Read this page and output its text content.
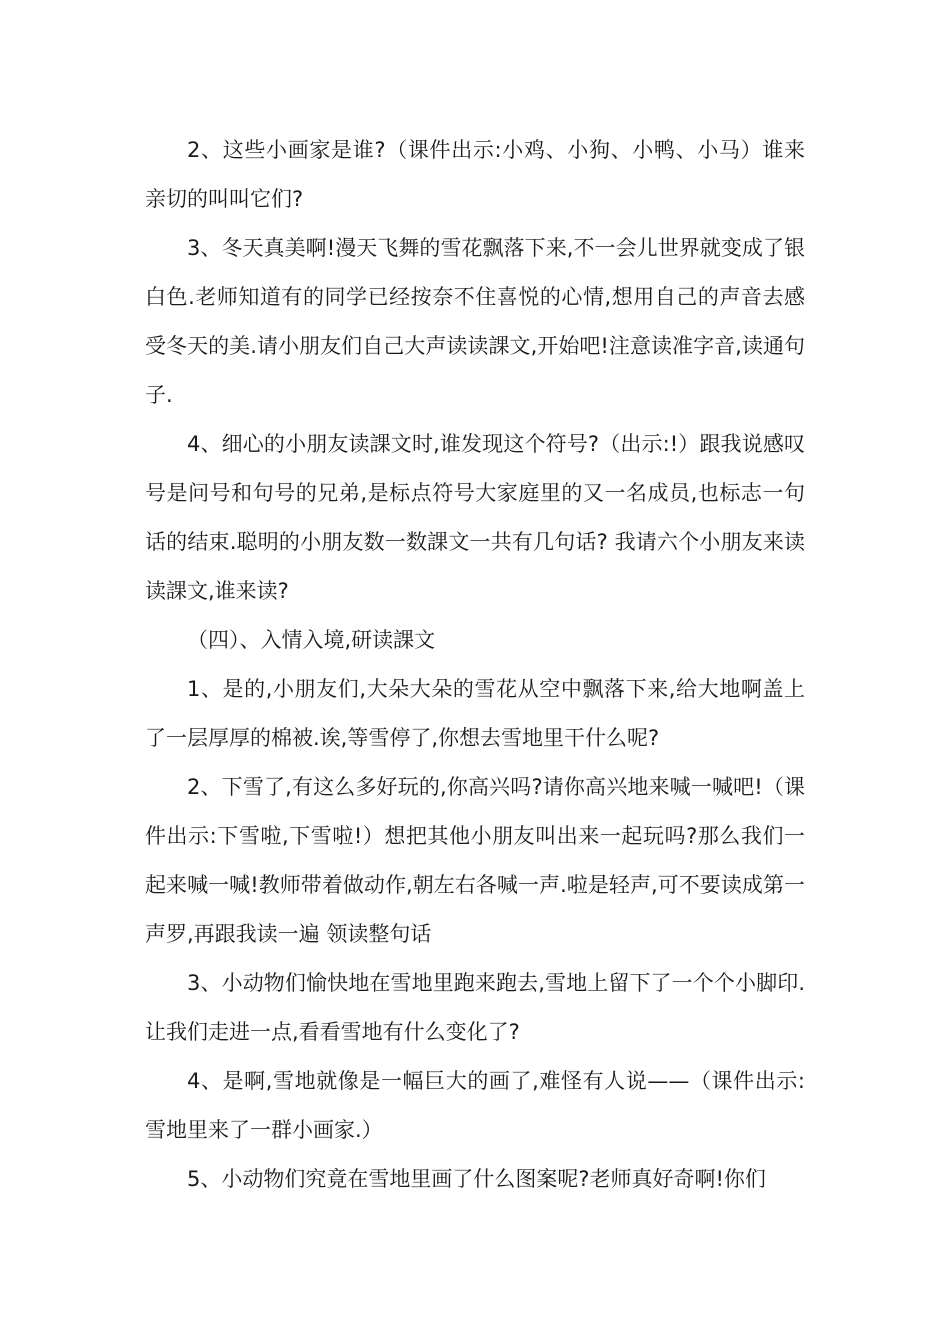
2、这些小画家是谁?（课件出示:小鸡、小狗、小鸭、小马）谁来亲切的叫叫它们?

3、冬天真美啊!漫天飞舞的雪花飘落下来,不一会儿世界就变成了银白色.老师知道有的同学已经按奈不住喜悦的心情,想用自己的声音去感受冬天的美.请小朋友们自己大声读读課文,开始吧!注意读准字音,读通句子.

4、细心的小朋友读課文时,谁发现这个符号?（出示:!）跟我说感叹号是问号和句号的兄弟,是标点符号大家庭里的又一名成员,也标志一句话的结束.聪明的小朋友数一数課文一共有几句话? 我请六个小朋友来读读課文,谁来读?

（四）、入情入境,研读課文

1、是的,小朋友们,大朵大朵的雪花从空中飘落下来,给大地啊盖上了一层厚厚的棉被.诶,等雪停了,你想去雪地里干什么呢?

2、下雪了,有这么多好玩的,你高兴吗?请你高兴地来喊一喊吧!（课件出示:下雪啦,下雪啦!）想把其他小朋友叫出来一起玩吗?那么我们一起来喊一喊!教师带着做动作,朝左右各喊一声.啦是轻声,可不要读成第一声罗,再跟我读一遍 领读整句话

3、小动物们愉快地在雪地里跑来跑去,雪地上留下了一个个小脚印.让我们走进一点,看看雪地有什么变化了?

4、是啊,雪地就像是一幅巨大的画了,难怪有人说——（课件出示:雪地里来了一群小画家.）

5、小动物们究竟在雪地里画了什么图案呢?老师真好奇啊!你们
